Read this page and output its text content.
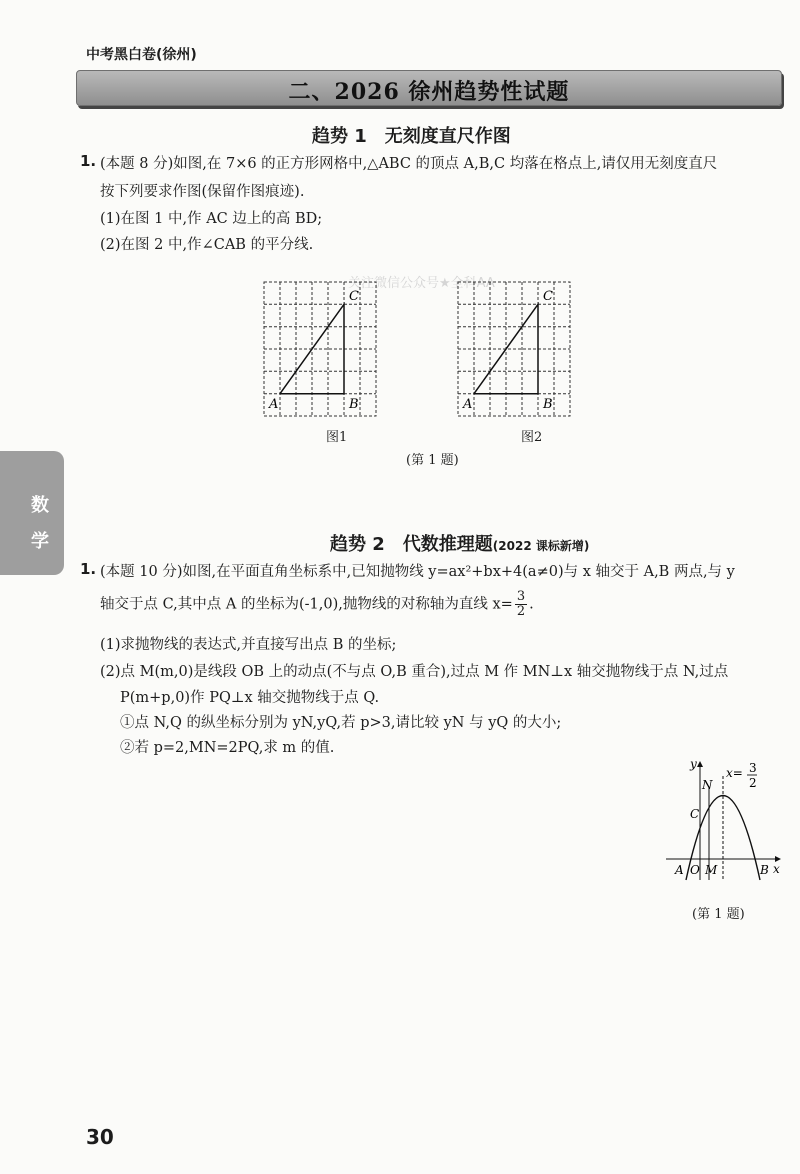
中考黑白卷(徐州)
二、2026 徐州趋势性试题
数学
趋势 1　无刻度直尺作图
1. (本题 8 分)如图,在 7×6 的正方形网格中,△ABC 的顶点 A,B,C 均落在格点上,请仅用无刻度直尺
按下列要求作图(保留作图痕迹).
(1)在图 1 中,作 AC 边上的高 BD;
(2)在图 2 中,作∠CAB 的平分线.
关注微信公众号★全科AA
A	B
C
图1
A	B
C
图2
(第 1 题)
趋势 2　代数推理题(2022 课标新增)
1. (本题 10 分)如图,在平面直角坐标系中,已知抛物线 y=ax²+bx+4(a≠0)与 x 轴交于 A,B 两点,与 y
轴交于点 C,其中点 A 的坐标为(-1,0),抛物线的对称轴为直线 $x= \frac{3}{2}$ .
(1)求抛物线的表达式,并直接写出点 B 的坐标;
(2)点 M(m,0)是线段 OB 上的动点(不与点 O,B 重合),过点 M 作 MN⊥x 轴交抛物线于点 N,过点
P(m+p,0)作 PQ⊥x 轴交抛物线于点 Q.
①点 N,Q 的纵坐标分别为 yN,yQ,若 p>3,请比较 yN 与 yQ 的大小;
②若 p=2,MN=2PQ,求 m 的值.
y
x
x= 3
2
N
C
A O M	B
(第 1 题)
30
